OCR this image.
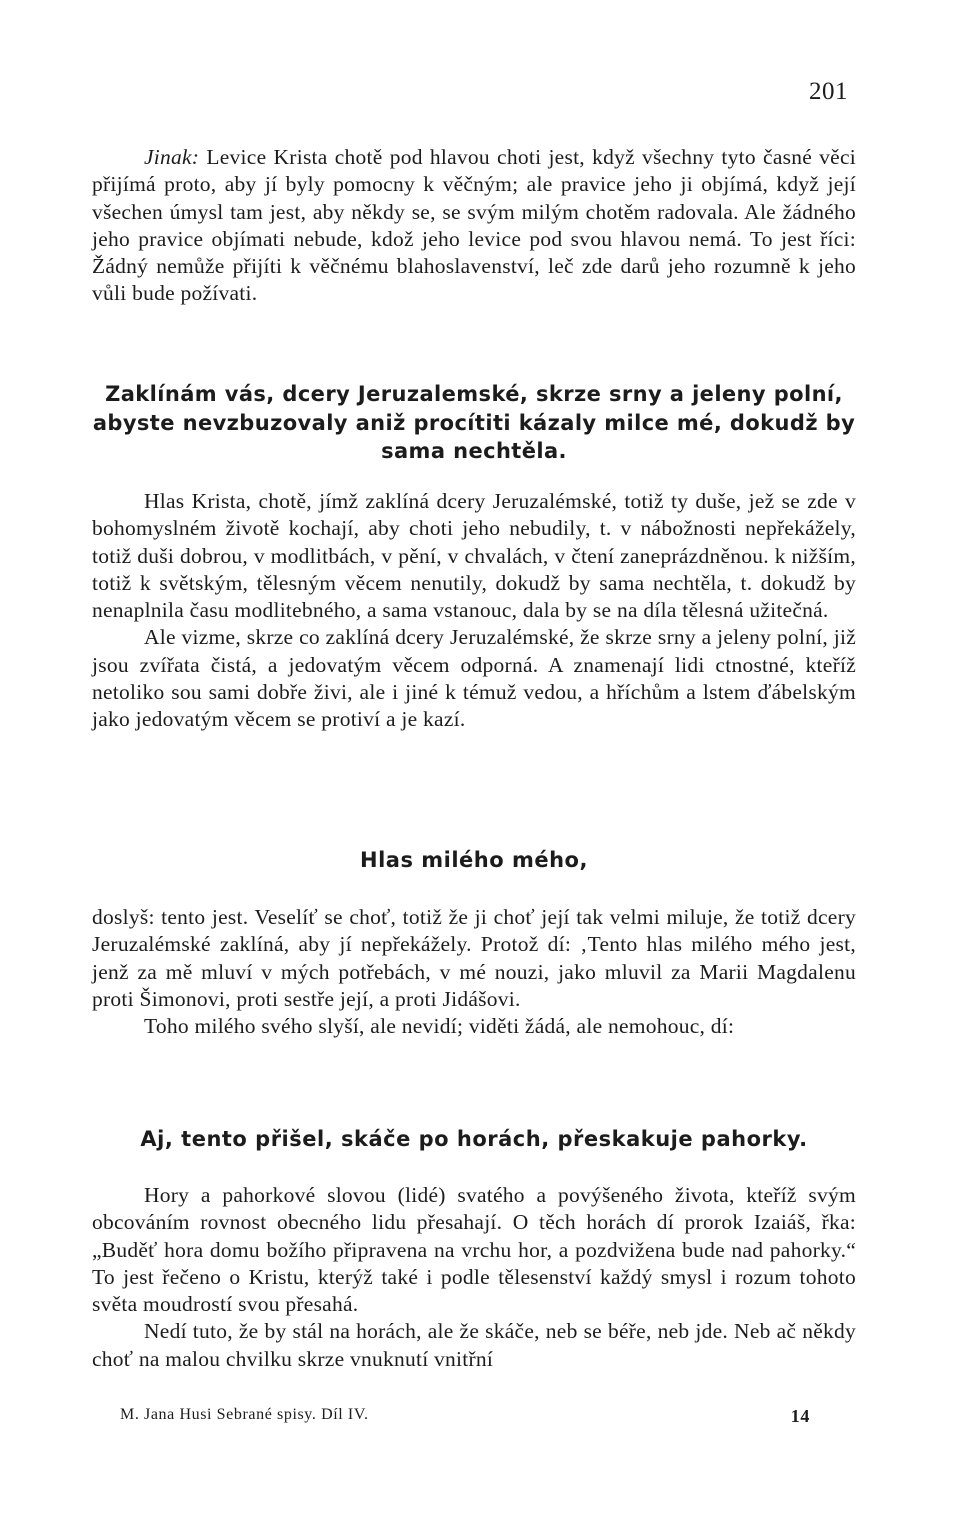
201
Jinak: Levice Krista chotě pod hlavou choti jest, když všechny tyto časné věci přijímá proto, aby jí byly pomocny k věčným; ale pravice jeho ji objímá, když její všechen úmysl tam jest, aby někdy se, se svým milým chotěm radovala. Ale žádného jeho pravice objímati nebude, kdož jeho levice pod svou hlavou nemá. To jest říci: Žádný nemůže přijíti k věčnému blahoslavenství, leč zde darů jeho rozumně k jeho vůli bude požívati.
Zaklínám vás, dcery Jeruzalemské, skrze srny a jeleny polní, abyste nevzbuzovaly aniž procítiti kázaly milce mé, dokudž by sama nechtěla.

Hlas Krista, chotě, jímž zaklíná dcery Jeruzalémské, totiž ty duše, jež se zde v bohomyslném životě kochají, aby choti jeho nebudily, t. v nábožnosti nepřekážely, totiž duši dobrou, v modlitbách, v pění, v chvalách, v čtení zaneprázdněnou. k nižším, totiž k světským, tělesným věcem nenutily, dokudž by sama nechtěla, t. dokudž by nenaplnila času modlitebného, a sama vstanouc, dala by se na díla tělesná užitečná.

Ale vizme, skrze co zaklíná dcery Jeruzalémské, že skrze srny a jeleny polní, již jsou zvířata čistá, a jedovatým věcem odporná. A znamenají lidi ctnostné, kteříž netoliko sou sami dobře živi, ale i jiné k témuž vedou, a hříchům a lstem ďábelským jako jedovatým věcem se protiví a je kazí.

Hlas milého mého,

doslyš: tento jest. Veselíť se choť, totiž že ji choť její tak velmi miluje, že totiž dcery Jeruzalémské zaklíná, aby jí nepřekážely. Protož dí: ‚Tento hlas milého mého jest, jenž za mě mluví v mých potřebách, v mé nouzi, jako mluvil za Marii Magdalenu proti Šimonovi, proti sestře její, a proti Jidášovi.

Toho milého svého slyší, ale nevidí; viděti žádá, ale nemohouc, dí:

Aj, tento přišel, skáče po horách, přeskakuje pahorky.

Hory a pahorkové slovou (lidé) svatého a povýšeného života, kteříž svým obcováním rovnost obecného lidu přesahají. O těch horách dí prorok Izaiáš, řka: „Buděť hora domu božího připravena na vrchu hor, a pozdvižena bude nad pahorky.“ To jest řečeno o Kristu, kterýž také i podle tělesenství každý smysl i rozum tohoto světa moudrostí svou přesahá.

Nedí tuto, že by stál na horách, ale že skáče, neb se béře, neb jde. Neb ač někdy choť na malou chvilku skrze vnuknutí vnitřní

M. Jana Husi Sebrané spisy. Díl IV.	14
